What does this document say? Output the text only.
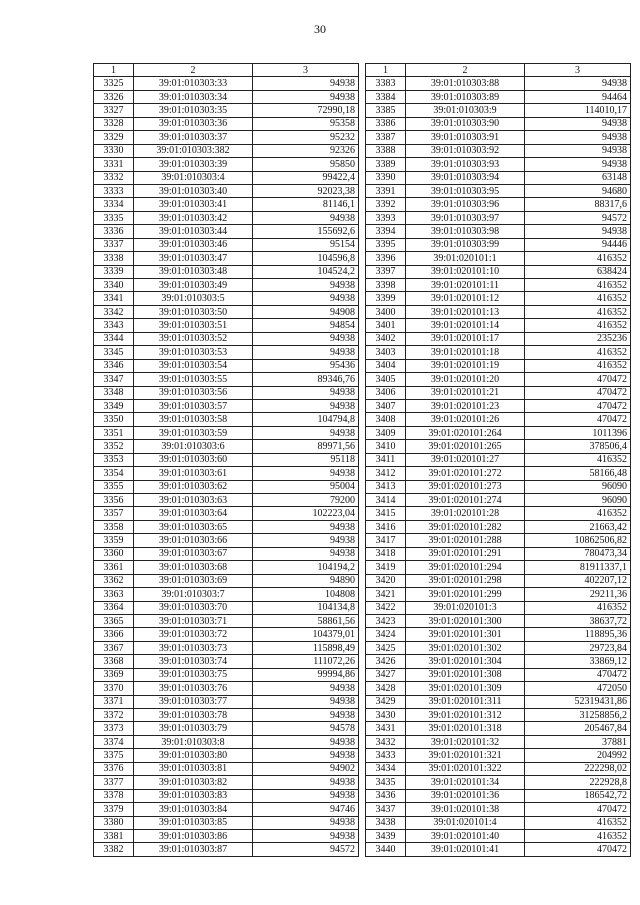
30
1	2	3
3325	39:01:010303:33	94938
3326	39:01:010303:34	94938
3327	39:01:010303:35	72990,18
3328	39:01:010303:36	95358
3329	39:01:010303:37	95232
3330	39:01:010303:382	92326
3331	39:01:010303:39	95850
3332	39:01:010303:4	99422,4
3333	39:01:010303:40	92023,38
3334	39:01:010303:41	81146,1
3335	39:01:010303:42	94938
3336	39:01:010303:44	155692,6
3337	39:01:010303:46	95154
3338	39:01:010303:47	104596,8
3339	39:01:010303:48	104524,2
3340	39:01:010303:49	94938
3341	39:01:010303:5	94938
3342	39:01:010303:50	94908
3343	39:01:010303:51	94854
3344	39:01:010303:52	94938
3345	39:01:010303:53	94938
3346	39:01:010303:54	95436
3347	39:01:010303:55	89346,76
3348	39:01:010303:56	94938
3349	39:01:010303:57	94938
3350	39:01:010303:58	104794,8
3351	39:01:010303:59	94938
3352	39:01:010303:6	89971,56
3353	39:01:010303:60	95118
3354	39:01:010303:61	94938
3355	39:01:010303:62	95004
3356	39:01:010303:63	79200
3357	39:01:010303:64	102223,04
3358	39:01:010303:65	94938
3359	39:01:010303:66	94938
3360	39:01:010303:67	94938
3361	39:01:010303:68	104194,2
3362	39:01:010303:69	94890
3363	39:01:010303:7	104808
3364	39:01:010303:70	104134,8
3365	39:01:010303:71	58861,56
3366	39:01:010303:72	104379,01
3367	39:01:010303:73	115898,49
3368	39:01:010303:74	111072,26
3369	39:01:010303:75	99994,86
3370	39:01:010303:76	94938
3371	39:01:010303:77	94938
3372	39:01:010303:78	94938
3373	39:01:010303:79	94578
3374	39:01:010303:8	94938
3375	39:01:010303:80	94938
3376	39:01:010303:81	94902
3377	39:01:010303:82	94938
3378	39:01:010303:83	94938
3379	39:01:010303:84	94746
3380	39:01:010303:85	94938
3381	39:01:010303:86	94938
3382	39:01:010303:87	94572
1	2	3
3383	39:01:010303:88	94938
3384	39:01:010303:89	94464
3385	39:01:010303:9	114010,17
3386	39:01:010303:90	94938
3387	39:01:010303:91	94938
3388	39:01:010303:92	94938
3389	39:01:010303:93	94938
3390	39:01:010303:94	63148
3391	39:01:010303:95	94680
3392	39:01:010303:96	88317,6
3393	39:01:010303:97	94572
3394	39:01:010303:98	94938
3395	39:01:010303:99	94446
3396	39:01:020101:1	416352
3397	39:01:020101:10	638424
3398	39:01:020101:11	416352
3399	39:01:020101:12	416352
3400	39:01:020101:13	416352
3401	39:01:020101:14	416352
3402	39:01:020101:17	235236
3403	39:01:020101:18	416352
3404	39:01:020101:19	416352
3405	39:01:020101:20	470472
3406	39:01:020101:21	470472
3407	39:01:020101:23	470472
3408	39:01:020101:26	470472
3409	39:01:020101:264	1011396
3410	39:01:020101:265	378506,4
3411	39:01:020101:27	416352
3412	39:01:020101:272	58166,48
3413	39:01:020101:273	96090
3414	39:01:020101:274	96090
3415	39:01:020101:28	416352
3416	39:01:020101:282	21663,42
3417	39:01:020101:288	10862506,82
3418	39:01:020101:291	780473,34
3419	39:01:020101:294	81911337,1
3420	39:01:020101:298	402207,12
3421	39:01:020101:299	29211,36
3422	39:01:020101:3	416352
3423	39:01:020101:300	38637,72
3424	39:01:020101:301	118895,36
3425	39:01:020101:302	29723,84
3426	39:01:020101:304	33869,12
3427	39:01:020101:308	470472
3428	39:01:020101:309	472050
3429	39:01:020101:311	52319431,86
3430	39:01:020101:312	31258856,2
3431	39:01:020101:318	205467,84
3432	39:01:020101:32	37881
3433	39:01:020101:321	204992
3434	39:01:020101:322	222298,02
3435	39:01:020101:34	222928,8
3436	39:01:020101:36	186542,72
3437	39:01:020101:38	470472
3438	39:01:020101:4	416352
3439	39:01:020101:40	416352
3440	39:01:020101:41	470472
